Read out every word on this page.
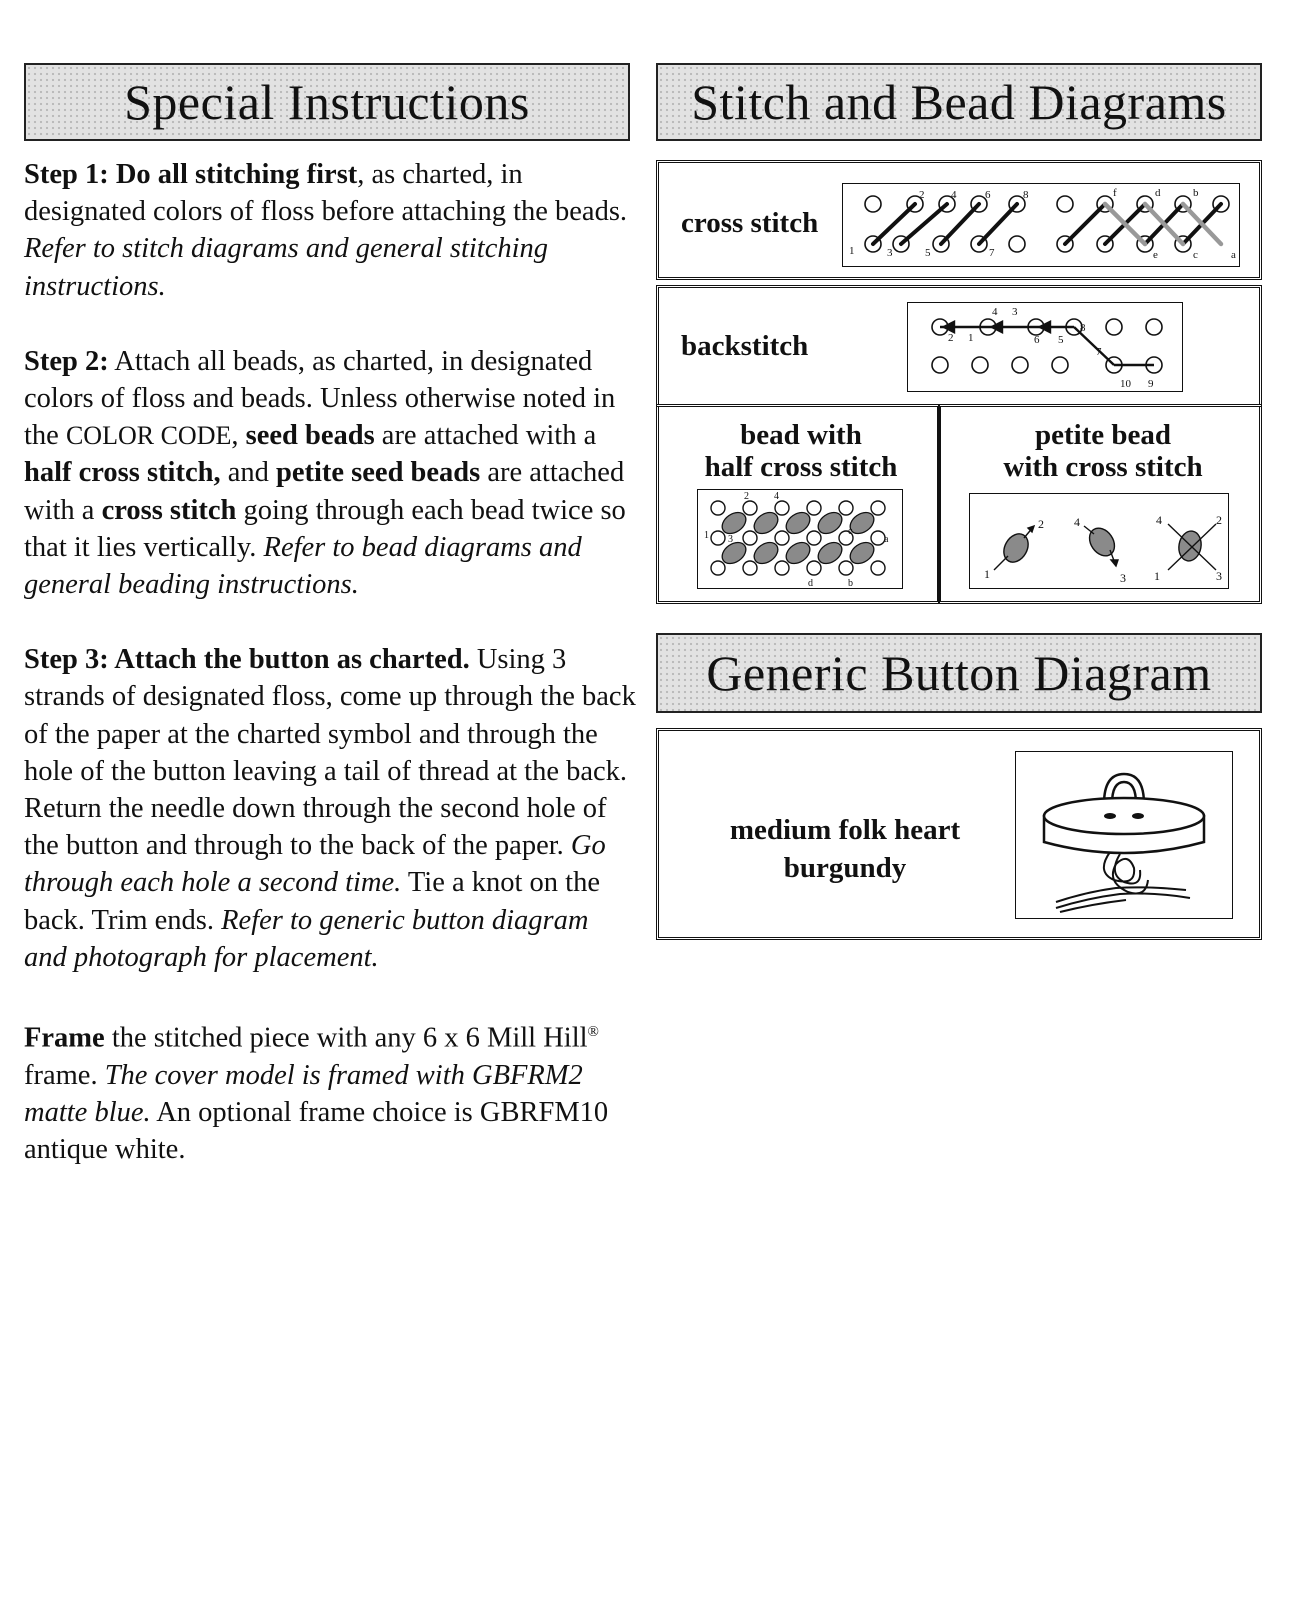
Special Instructions

Step 1: Do all stitching first, as charted, in designated colors of floss before attaching the beads. Refer to stitch diagrams and general stitching instructions.

Step 2: Attach all beads, as charted, in designated colors of floss and beads. Unless otherwise noted in the COLOR CODE, seed beads are attached with a half cross stitch, and petite seed beads are attached with a cross stitch going through each bead twice so that it lies vertically. Refer to bead diagrams and general beading instructions.

Step 3: Attach the button as charted. Using 3 strands of designated floss, come up through the back of the paper at the charted symbol and through the hole of the button leaving a tail of thread at the back. Return the needle down through the second hole of the button and through to the back of the paper. Go through each hole a second time. Tie a knot on the back. Trim ends. Refer to generic button diagram and photograph for placement.

Frame the stitched piece with any 6 x 6 Mill Hill® frame. The cover model is framed with GBFRM2 matte blue. An optional frame choice is GBRFM10 antique white.

Stitch and Bead Diagrams
cross stitch
1
2
3
4
5
6
7
8	f	d	b
e	c	a
backstitch
4 3
2 1	6 5
8
7
10 9
bead with
half cross stitch
2	4
1 3
c
a
d	b
petite bead
with cross stitch
2
1
4
3
4	2
1	3
Generic Button Diagram
medium folk heart
burgundy
